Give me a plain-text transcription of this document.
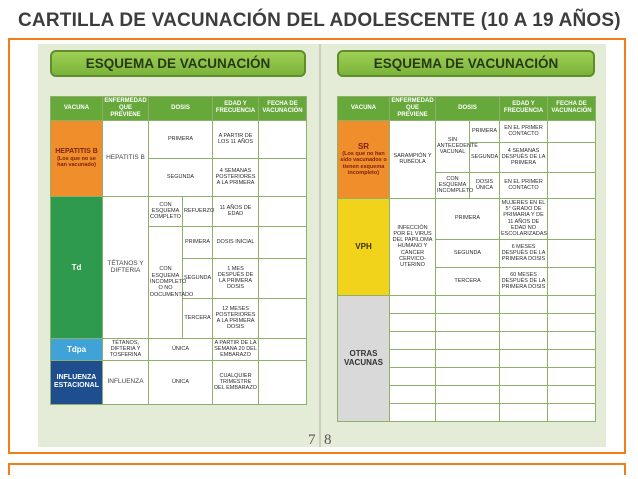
CARTILLA DE VACUNACIÓN DEL ADOLESCENTE (10 A 19 AÑOS)
ESQUEMA DE VACUNACIÓN
VACUNA	ENFERMEDAD QUE PREVIENE	DOSIS		EDAD Y FRECUENCIA	FECHA DE VACUNACIÓN

HEPATITIS B
(Los que no se han vacunado)	HEPATITIS B	PRIMERA		A PARTIR DE LOS 11 AÑOS	
		SEGUNDA		4 SEMANAS POSTERIORES A LA PRIMERA	
Td	TÉTANOS Y DIFTERIA	CON ESQUEMA COMPLETO	REFUERZO	11 AÑOS DE EDAD	
		CON ESQUEMA INCOMPLETO O NO DOCUMENTADO	PRIMERA	DOSIS INICIAL	
			SEGUNDA	1 MES DESPUÉS DE LA PRIMERA DOSIS	
			TERCERA	12 MESES POSTERIORES A LA PRIMERA DOSIS	
Tdpa	TÉTANOS, DIFTERIA Y TOSFERINA	ÚNICA		A PARTIR DE LA SEMANA 20 DEL EMBARAZO	
INFLUENZA ESTACIONAL	INFLUENZA	ÚNICA		CUALQUIER TRIMESTRE DEL EMBARAZO	
7
ESQUEMA DE VACUNACIÓN
VACUNA	ENFERMEDAD QUE PREVIENE	DOSIS		EDAD Y FRECUENCIA	FECHA DE VACUNACIÓN

SR
(Los que no han sido vacunados o tienen esquema incompleto)	SARAMPIÓN Y RUBÉOLA	SIN ANTECEDENTE VACUNAL	PRIMERA	EN EL PRIMER CONTACTO	
			SEGUNDA	4 SEMANAS DESPUÉS DE LA PRIMERA	
		CON ESQUEMA INCOMPLETO	DOSIS ÚNICA	EN EL PRIMER CONTACTO	
VPH	INFECCIÓN POR EL VIRUS DEL PAPILOMA HUMANO Y CÁNCER CERVICO-UTERINO	PRIMERA		MUJERES EN EL 5° GRADO DE PRIMARIA Y DE 11 AÑOS DE EDAD NO ESCOLARIZADAS	
		SEGUNDA		6 MESES DESPUÉS DE LA PRIMERA DOSIS	
		TERCERA		60 MESES DESPUÉS DE LA PRIMERA DOSIS	
OTRAS VACUNAS					

8
